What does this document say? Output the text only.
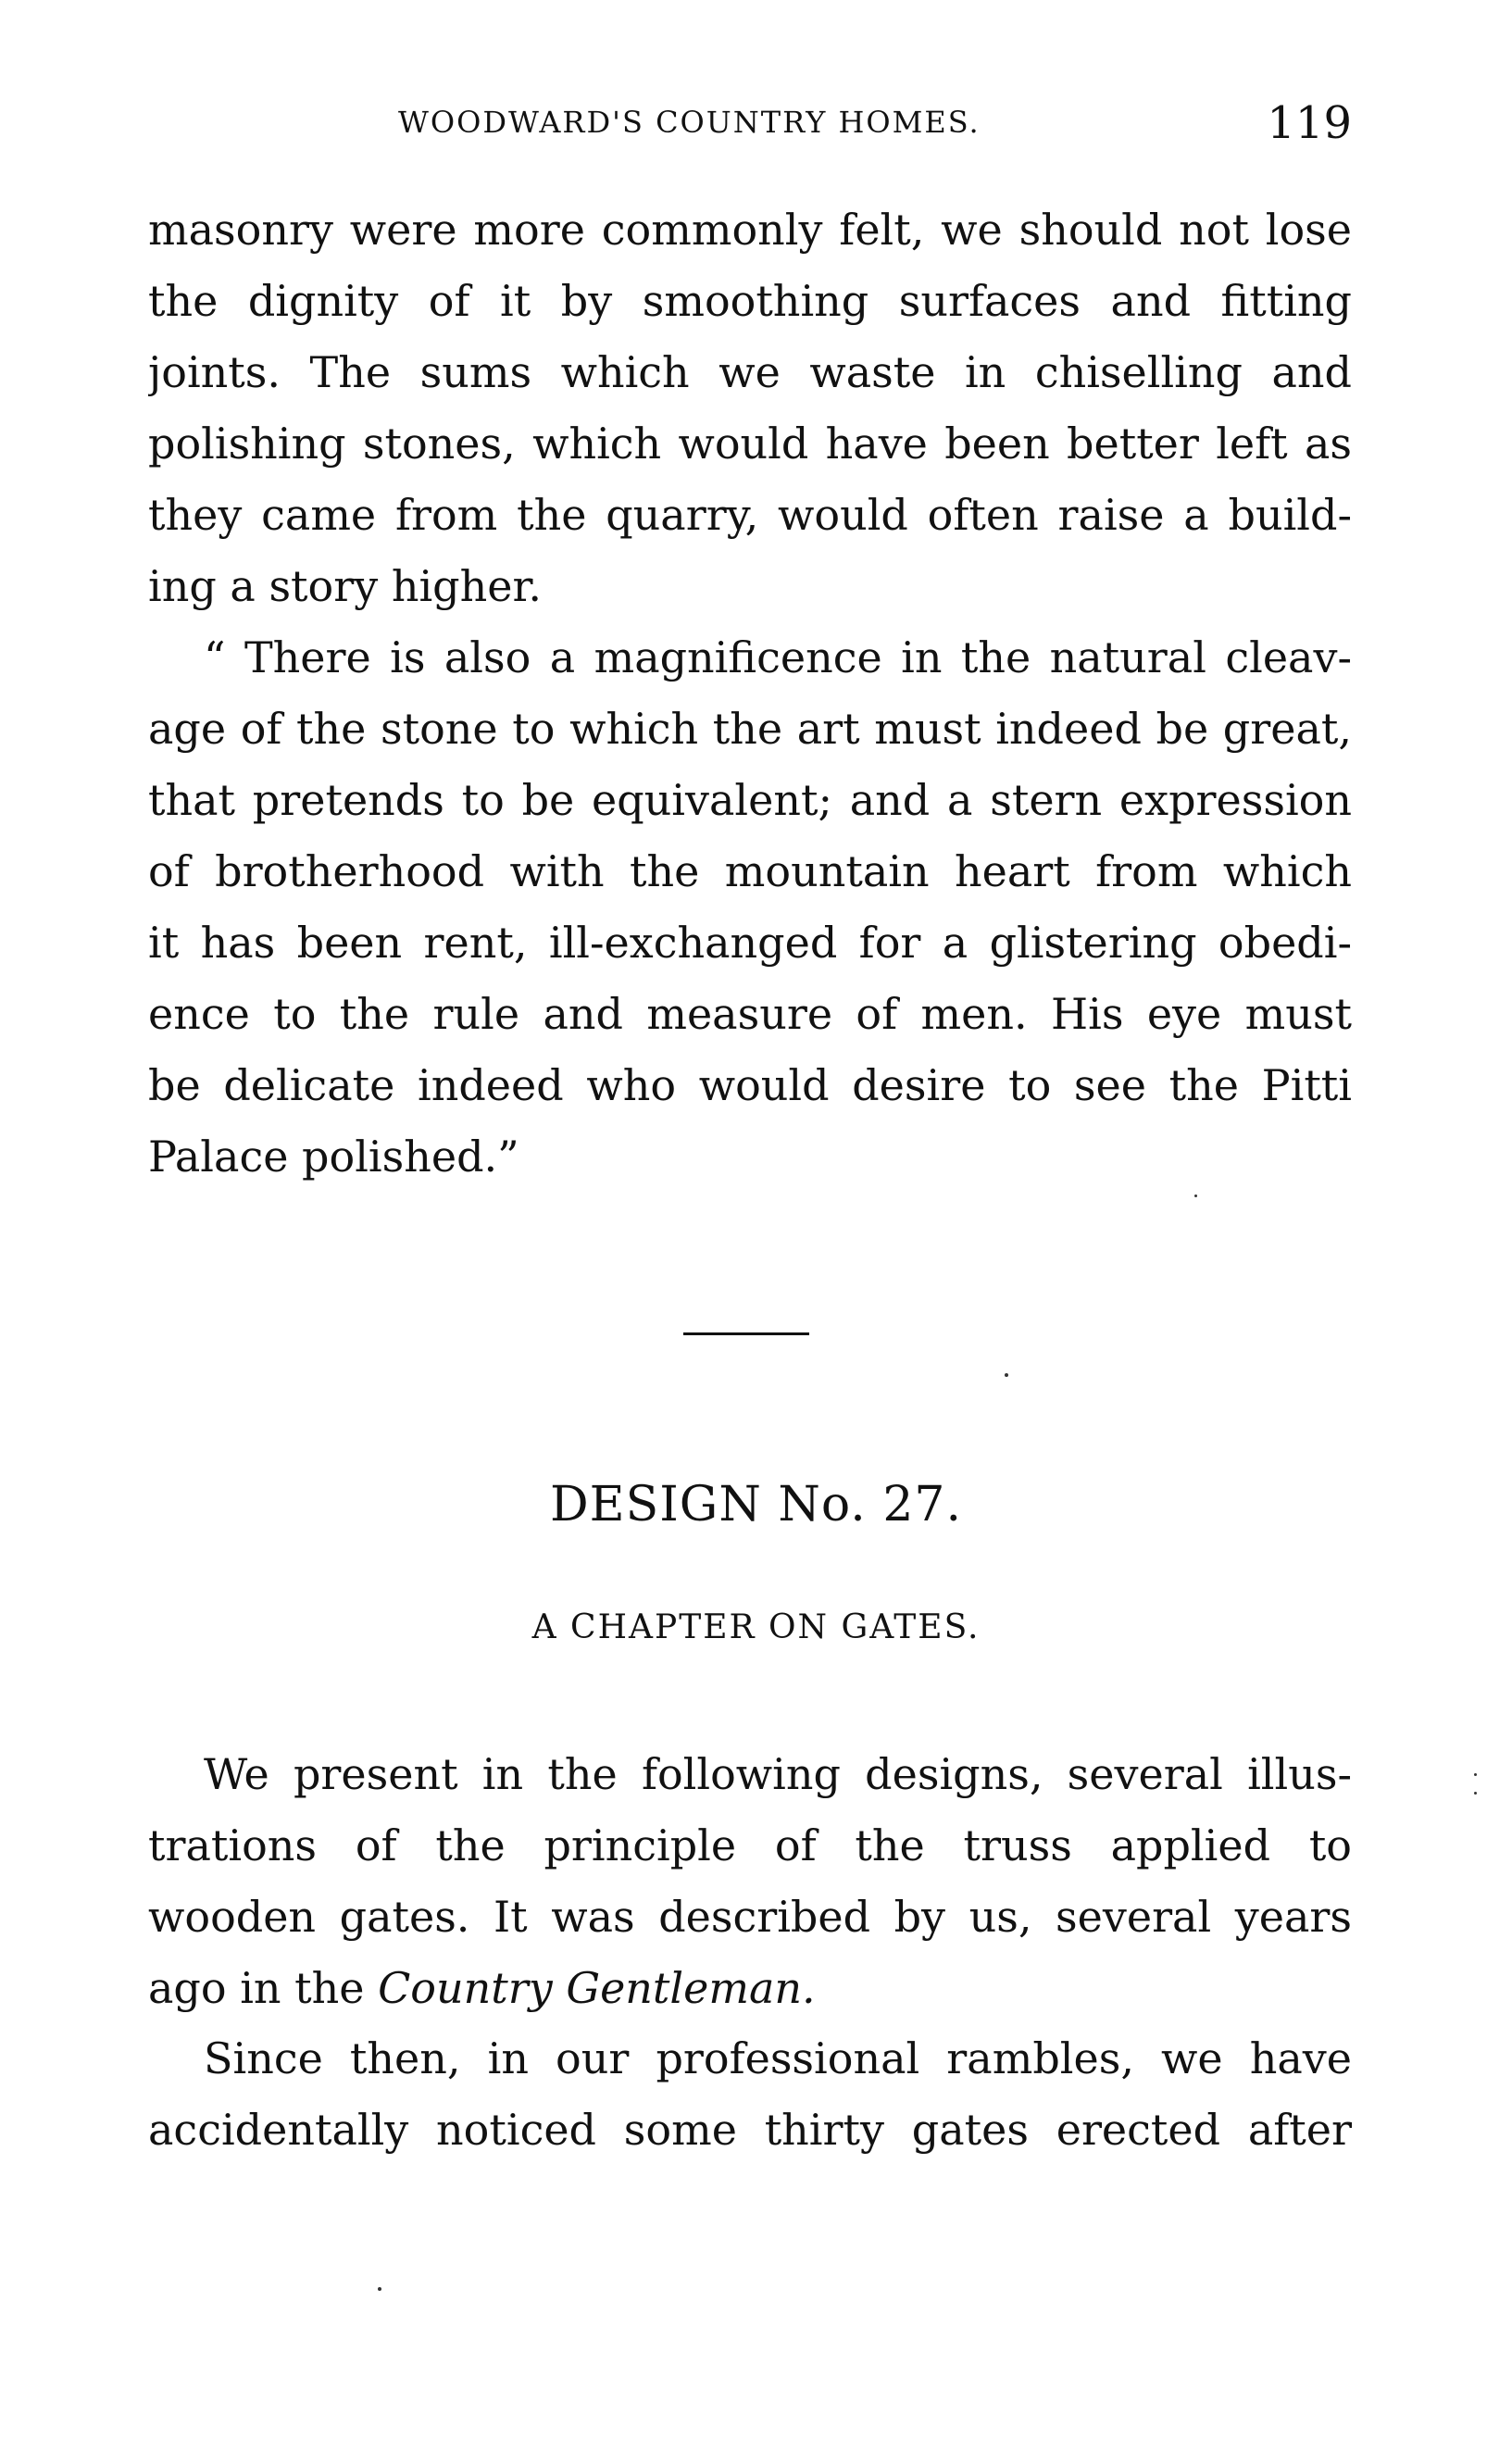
WOODWARD'S COUNTRY HOMES.	119
masonry were more commonly felt, we should not lose
the dignity of it by smoothing surfaces and fitting
joints. The sums which we waste in chiselling and
polishing stones, which would have been better left as
they came from the quarry, would often raise a build-
ing a story higher.
“ There is also a magnificence in the natural cleav-
age of the stone to which the art must indeed be great,
that pretends to be equivalent; and a stern expression
of brotherhood with the mountain heart from which
it has been rent, ill-exchanged for a glistering obedi-
ence to the rule and measure of men. His eye must
be delicate indeed who would desire to see the Pitti
Palace polished.”
DESIGN No. 27.
A CHAPTER ON GATES.
We present in the following designs, several illus-
trations of the principle of the truss applied to
wooden gates. It was described by us, several years
ago in the Country Gentleman.
Since then, in our professional rambles, we have
accidentally noticed some thirty gates erected after
